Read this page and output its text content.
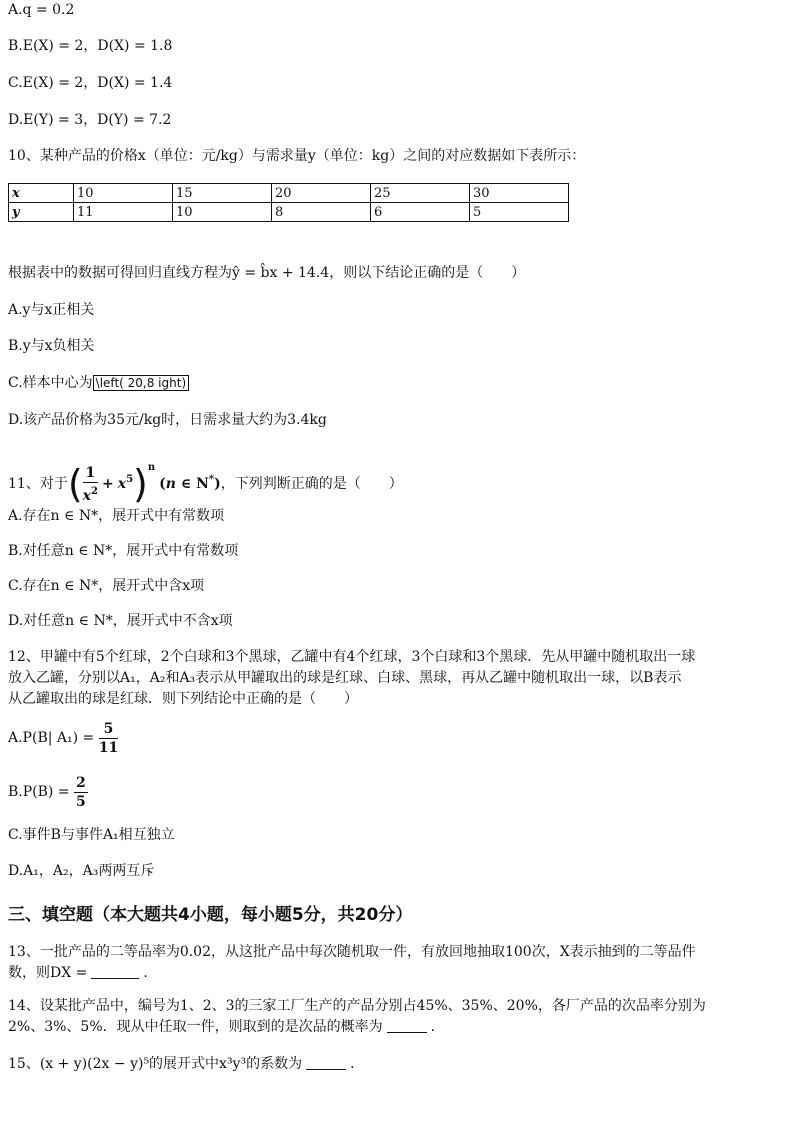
A.q = 0.2
B.E(X) = 2，D(X) = 1.8
C.E(X) = 2，D(X) = 1.4
D.E(Y) = 3，D(Y) = 7.2
10、某种产品的价格x（单位：元/kg）与需求量y（单位：kg）之间的对应数据如下表所示：
x	10	15	20	25	30
y	11	10	8	6	5
根据表中的数据可得回归直线方程为ŷ = b̂x + 14.4，则以下结论正确的是（　　）
A.y与x正相关
B.y与x负相关
C.样本中心为 \left( 20,8 ight)
D.该产品价格为35元/kg时，日需求量大约为3.4kg
11、对于( $\frac{1}{x^2} + x^5)^n(n$ ∈ N*)，下列判断正确的是（　　）
A.存在n ∈ N*，展开式中有常数项
B.对任意n ∈ N*，展开式中有常数项
C.存在n ∈ N*，展开式中含x项
D.对任意n ∈ N*，展开式中不含x项
12、甲罐中有5个红球，2个白球和3个黑球，乙罐中有4个红球，3个白球和3个黑球．先从甲罐中随机取出一球
放入乙罐，分别以A₁，A₂和A₃表示从甲罐取出的球是红球、白球、黑球，再从乙罐中随机取出一球，以B表示
从乙罐取出的球是红球．则下列结论中正确的是（　　）
A.P(B| $A_1) = \frac{5}{11}$
$B.P(B) = \frac{2}{5}$
C.事件B与事件A₁相互独立
D.A₁，A₂，A₃两两互斥
三、填空题（本大题共4小题，每小题5分，共20分）
13、一批产品的二等品率为0.02，从这批产品中每次随机取一件，有放回地抽取100次，X表示抽到的二等品件
数，则DX =	．
14、设某批产品中，编号为1、2、3的三家工厂生产的产品分别占45%、35%、20%，各厂产品的次品率分别为
2%、3%、5%．现从中任取一件，则取到的是次品的概率为	．
15、(x + y)(2x − y)⁵的展开式中x³y³的系数为	．
